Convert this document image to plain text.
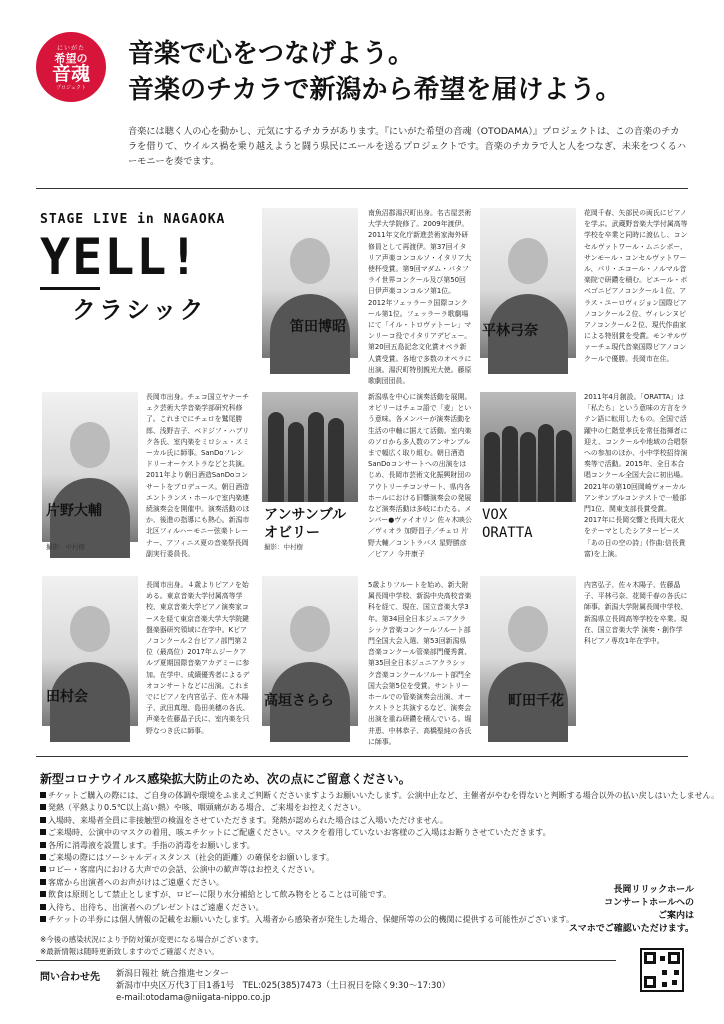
にいがた
希望の
音魂
プロジェクト
音楽で心をつなげよう。
音楽のチカラで新潟から希望を届けよう。
音楽には聴く人の心を動かし、元気にするチカラがあります。『にいがた希望の音魂（OTODAMA）』プロジェクトは、この音楽のチカラを借りて、ウイルス禍を乗り越えようと闘う県民にエールを送るプロジェクトです。音楽のチカラで人と人をつなぎ、未来をつくるハーモニーを奏でます。
STAGE LIVE in NAGAOKA
YELL!
クラシック
笛田博昭
南魚沼郡湯沢町出身。名古屋芸術大学大学院修了。2009年渡伊。2011年文化庁新進芸術家海外研修員として再渡伊。第37回イタリア声楽コンコルソ・イタリア大使杯受賞。第9回マダム・バタフライ世界コンクール及び第50回日伊声楽コンコルソ第1位。2012年フェッラーラ国際コンクール第1位。フェッラーラ歌劇場にて「イル・トロヴァトーレ」マンリーコ役でイタリアデビュー。第20回五島記念文化賞オペラ新人賞受賞。各地で多数のオペラに出演。湯沢町特別親光大使。藤原歌劇団団員。
平林弓奈
花岡千春、矢部民の両氏にピアノを学ぶ。武蔵野音楽大学付属高等学校を卒業と同時に渡仏し、コンセルヴァトワール・ムニシポー、サンモール・コンセルヴァトワール、パリ・エコール・ノルマル音楽院で研鑽を積む。ビエール・ボベゴニピアノコンクール１位、アラス・ユーロヴィジョン国際ピアノコンクール２位、ヴィレンヌピアノコンクール２位、現代作曲家による特別賞を受賞。モンサルヴァーチェ現代音楽国際ピアノコンクールで優勝。長岡市在住。
片野大輔
撮影：中村樹
長岡市出身。チェコ国立ヤナーチェク芸術大学音楽学部研究科修了。これまでにチェロを鷲尾勝郎、浅野吉子、ベドジフ・ハブリク各氏、室内楽をミロシュ・スミーカル氏に師事。SanDoフレンドリーオーケストラなどと共演。2011年より朝日酒造SanDoコンサートをプロデュース。朝日酒造エントランス・ホールで室内楽連続演奏会を開催中。演奏活動のほか、後進の指導にも熱心。新潟市北区フィルハーモニー弦楽トレーナー、アフィニス夏の音楽祭長岡副実行委員長。
アンサンブル
オビリー
撮影：中村樹
新潟県を中心に演奏活動を展開。オビリーはチェコ語で「麦」という意味。各メンバーが演奏活動を生活の中軸に据えて活動。室内楽のソロから多人数のアンサンブルまで幅広く取り組む。朝日酒造SanDoコンサートへの出演をはじめ、長岡市芸術文化振興財団のアウトリーチコンサート、県内各ホールにおける旧響演奏会の発展など演奏活動は多岐にわたる。メンバー●ヴァイオリン 佐々木映公／ヴィオラ 加野昌子／チェロ 片野大輔／コントラバス 星野勝彦／ピアノ 今井康子
VOX
ORATTA
2011年4月創設。「ORATTA」は「私たち」という意味の方言をラテン語に転用したもの。全国で活躍中の仁階堂孝氏を常任指揮者に迎え、コンクールや地域の合唱祭への参加のほか、小中学校招待演奏等で活動。2015年、全日本合唱コンクール全国大会に初出場。2021年の第10回岡崎ヴォーカルアンサンブルコンテストで一般部門1位、関東支部長賞受賞。2017年に長岡交響と長岡大花火をテーマとしたシアターピース「あの日の空の詩」(作曲:信長貴富)を上演。
田村会
長岡市出身。４歳よりピアノを始める。東京音楽大学付属高等学校、東京音楽大学ピアノ演奏家コースを経て東京音楽大学大学院鍵盤楽器研究領域に在学中。Kピアノコンクール２台ピアノ部門第２位（最高位）2017年ムジークアルプ夏期国際音楽アカデミーに参加。在学中、成績優秀者によるデオコンサートなどに出演。これまでにピアノを内宮弘子、佐々木陽子、武田真理、島田美穂の各氏、声楽を佐藤晶子氏に、室内楽を只野なつき氏に師事。
高垣さらら
5歳よりフルートを始め、新大附属長岡中学校、新潟中央高校音楽科を経て、現在、国立音楽大学3年。第34回全日本ジュニアクラシック音楽コンクールフルート部門全国大会入選、第53回新潟県音楽コンクール管楽部門優秀賞、第35回全日本ジュニアクラシック音楽コンクールフルート部門全国大会第5位を受賞。サントリーホールでの管楽演奏会出演、オーケストラと共演するなど、演奏会出演を重ね研鑽を積んでいる。堀井恵、中林恭子、高橋聖純の各氏に師事。
町田千花
内宮弘子、佐々木陽子、佐藤晶子、平林弓奈、花岡千春の各氏に師事。新潟大学附属長岡中学校、新潟県立長岡高等学校を卒業。現在、国立音楽大学 演奏・創作学科ピアノ専攻1年在学中。
新型コロナウイルス感染拡大防止のため、次の点にご留意ください。
チケットご購入の際には、ご自身の体調や環境をふまえご判断くださいますようお願いいたします。公演中止など、主催者がやむを得ないと判断する場合以外の払い戻しはいたしません。
発熱（平熱より0.5℃以上高い熱）や咳、咽頭痛がある場合、ご来場をお控えください。
入場時、来場者全員に非接触型の検温をさせていただきます。発熱が認められた場合はご入場いただけません。
ご来場時、公演中のマスクの着用、咳エチケットにご配慮ください。マスクを着用していないお客様のご入場はお断りさせていただきます。
各所に消毒液を設置します。手指の消毒をお願いします。
ご来場の際にはソーシャルディスタンス（社会的距離）の確保をお願いします。
ロビー・客席内における大声での会話、公演中の歓声等はお控えください。
客席から出演者へのお声がけはご遠慮ください。
飲食は原則として禁止としますが、ロビーに限り水分補給として飲み物をとることは可能です。
入待ち、出待ち、出演者へのプレゼントはご遠慮ください。
チケットの半券には個人情報の記載をお願いいたします。入場者から感染者が発生した場合、保健所等の公的機関に提供する可能性がございます。
※今後の感染状況により予防対策が変更になる場合がございます。
※最新情報は随時更新致しますのでご確認ください。
長岡リリックホール
コンサートホールへの
ご案内は
スマホでご確認いただけます。
問い合わせ先 新潟日報社 統合推進センター
新潟市中央区万代3丁目1番1号　TEL:025(385)7473（土日祝日を除く9:30～17:30）
e-mail:otodama@niigata-nippo.co.jp
